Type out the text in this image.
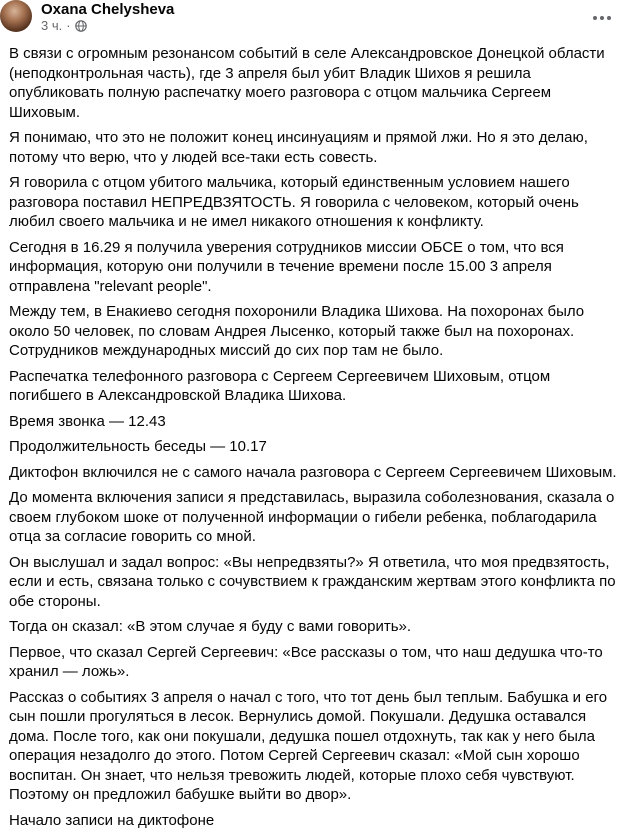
Oxana Chelysheva
3 ч. ·

В связи с огромным резонансом событий в селе Александровское Донецкой области (неподконтрольная часть), где 3 апреля был убит Владик Шихов я решила опубликовать полную распечатку моего разговора с отцом мальчика Сергеем Шиховым.

Я понимаю, что это не положит конец инсинуациям и прямой лжи. Но я это делаю, потому что верю, что у людей все-таки есть совесть.

Я говорила с отцом убитого мальчика, который единственным условием нашего разговора поставил НЕПРЕДВЗЯТОСТЬ. Я говорила с человеком, который очень любил своего мальчика и не имел никакого отношения к конфликту.

Сегодня в 16.29 я получила уверения сотрудников миссии ОБСЕ о том, что вся информация, которую они получили в течение времени после 15.00 3 апреля отправлена "relevant people".

Между тем, в Енакиево сегодня похоронили Владика Шихова. На похоронах было около 50 человек, по словам Андрея Лысенко, который также был на похоронах. Сотрудников международных миссий до сих пор там не было.

Распечатка телефонного разговора с Сергеем Сергеевичем Шиховым, отцом погибшего в Александровской Владика Шихова.

Время звонка — 12.43

Продолжительность беседы — 10.17

Диктофон включился не с самого начала разговора с Сергеем Сергеевичем Шиховым.

До момента включения записи я представилась, выразила соболезнования, сказала о своем глубоком шоке от полученной информации о гибели ребенка, поблагодарила отца за согласие говорить со мной.

Он выслушал и задал вопрос: «Вы непредвзяты?» Я ответила, что моя предвзятость, если и есть, связана только с сочувствием к гражданским жертвам этого конфликта по обе стороны.

Тогда он сказал: «В этом случае я буду с вами говорить».

Первое, что сказал Сергей Сергеевич: «Все рассказы о том, что наш дедушка что-то хранил — ложь».

Рассказ о событиях 3 апреля о начал с того, что тот день был теплым. Бабушка и его сын пошли прогуляться в лесок. Вернулись домой. Покушали. Дедушка оставался дома. После того, как они покушали, дедушка пошел отдохнуть, так как у него была операция незадолго до этого. Потом Сергей Сергеевич сказал: «Мой сын хорошо воспитан. Он знает, что нельзя тревожить людей, которые плохо себя чувствуют. Поэтому он предложил бабушке выйти во двор».

Начало записи на диктофоне
